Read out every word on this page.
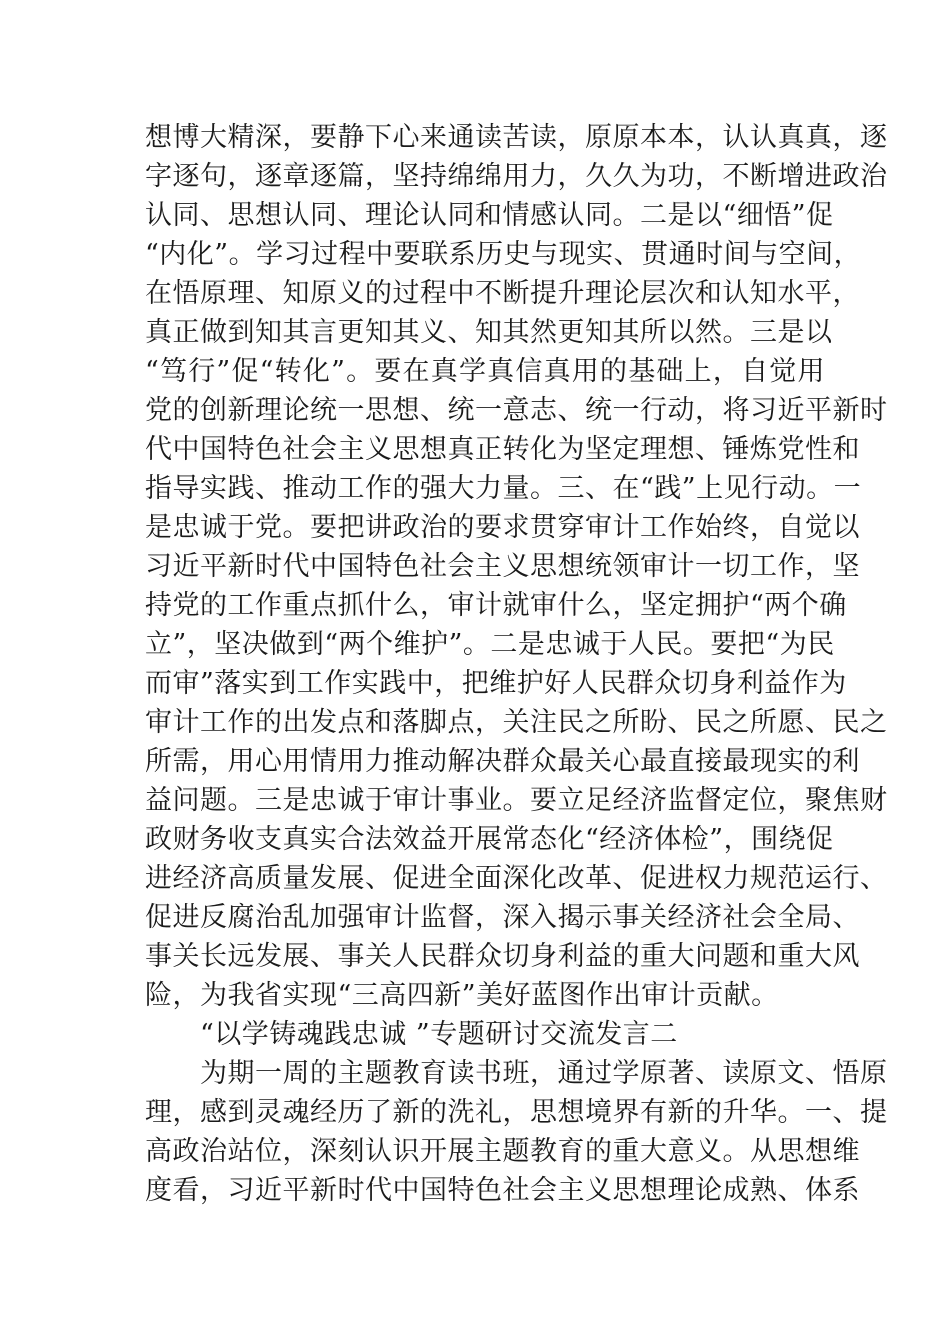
想博大精深，要静下心来通读苦读，原原本本，认认真真，逐
字逐句，逐章逐篇，坚持绵绵用力，久久为功，不断增进政治
认同、思想认同、理论认同和情感认同。二是以“细悟”促
“内化”。学习过程中要联系历史与现实、贯通时间与空间，
在悟原理、知原义的过程中不断提升理论层次和认知水平，
真正做到知其言更知其义、知其然更知其所以然。三是以
“笃行”促“转化”。要在真学真信真用的基础上，自觉用
党的创新理论统一思想、统一意志、统一行动，将习近平新时
代中国特色社会主义思想真正转化为坚定理想、锤炼党性和
指导实践、推动工作的强大力量。三、在“践”上见行动。一
是忠诚于党。要把讲政治的要求贯穿审计工作始终，自觉以
习近平新时代中国特色社会主义思想统领审计一切工作，坚
持党的工作重点抓什么，审计就审什么，坚定拥护“两个确
立”，坚决做到“两个维护”。二是忠诚于人民。要把“为民
而审”落实到工作实践中，把维护好人民群众切身利益作为
审计工作的出发点和落脚点，关注民之所盼、民之所愿、民之
所需，用心用情用力推动解决群众最关心最直接最现实的利
益问题。三是忠诚于审计事业。要立足经济监督定位，聚焦财
政财务收支真实合法效益开展常态化“经济体检”，围绕促
进经济高质量发展、促进全面深化改革、促进权力规范运行、
促进反腐治乱加强审计监督，深入揭示事关经济社会全局、
事关长远发展、事关人民群众切身利益的重大问题和重大风
险，为我省实现“三高四新”美好蓝图作出审计贡献。
“以学铸魂践忠诚 ”专题研讨交流发言二
为期一周的主题教育读书班，通过学原著、读原文、悟原
理，感到灵魂经历了新的洗礼，思想境界有新的升华。一、提
高政治站位，深刻认识开展主题教育的重大意义。从思想维
度看，习近平新时代中国特色社会主义思想理论成熟、体系
